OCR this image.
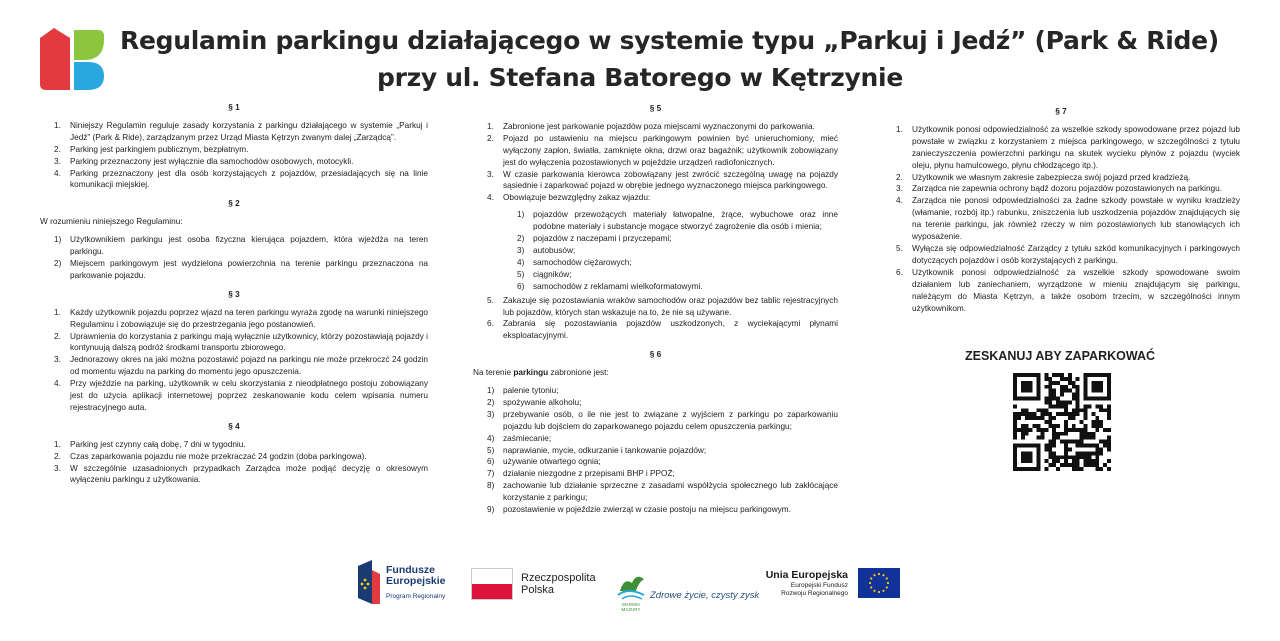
Regulamin parkingu działającego w systemie typu „Parkuj i Jedź” (Park & Ride)
przy ul. Stefana Batorego w Kętrzynie
§ 1
1. Niniejszy Regulamin reguluje zasady korzystania z parkingu działającego w systemie „Parkuj i Jedź” (Park & Ride), zarządzanym przez Urząd Miasta Kętrzyn zwanym dalej „Zarządcą”.
2. Parking jest parkingiem publicznym, bezpłatnym.
3. Parking przeznaczony jest wyłącznie dla samochodów osobowych, motocykli.
4. Parking przeznaczony jest dla osób korzystających z pojazdów, przesiadających się na linie komunikacji miejskiej.
§ 2
W rozumieniu niniejszego Regulaminu:
1) Użytkownikiem parkingu jest osoba fizyczna kierująca pojazdem, która wjeżdża na teren parkingu.
2) Miejscem parkingowym jest wydzielona powierzchnia na terenie parkingu przeznaczona na parkowanie pojazdu.
§ 3
1. Każdy użytkownik pojazdu poprzez wjazd na teren parkingu wyraża zgodę na warunki niniejszego Regulaminu i zobowiązuje się do przestrzegania jego postanowień.
2. Uprawnienia do korzystania z parkingu mają wyłącznie użytkownicy, którzy pozostawiają pojazdy i kontynuują dalszą podróż środkami transportu zbiorowego.
3. Jednorazowy okres na jaki można pozostawić pojazd na parkingu nie może przekroczć 24 godzin od momentu wjazdu na parking do momentu jego opuszczenia.
4. Przy wjeździe na parking, użytkownik w celu skorzystania z nieodpłatnego postoju zobowiązany jest do użycia aplikacji internetowej poprzez zeskanowanie kodu celem wpisania numeru rejestracyjnego auta.
§ 4
1. Parking jest czynny całą dobę, 7 dni w tygodniu.
2. Czas zaparkowania pojazdu nie może przekraczać 24 godzin (doba parkingowa).
3. W szczególnie uzasadnionych przypadkach Zarządca może podjąć decyzję o okresowym wyłączeniu parkingu z użytkowania.
§ 5
1. Zabronione jest parkowanie pojazdów poza miejscami wyznaczonymi do parkowania.
2. Pojazd po ustawieniu na miejscu parkingowym powinien być unieruchomiony, mieć wyłączony zapłon, światła, zamknięte okna, drzwi oraz bagażnik; użytkownik zobowiązany jest do wyłączenia pozostawionych w pojeździe urządzeń radiofonicznych.
3. W czasie parkowania kierowca zobowiązany jest zwrócić szczególną uwagę na pojazdy sąsiednie i zaparkować pojazd w obrębie jednego wyznaczonego miejsca parkingowego.
4. Obowiązuje bezwzględny zakaz wjazdu:
1) pojazdów przewożących materiały łatwopalne, żrące, wybuchowe oraz inne podobne materiały i substancje mogące stworzyć zagrożenie dla osób i mienia;
2) pojazdów z naczepami i przyczepami;
3) autobusów;
4) samochodów ciężarowych;
5) ciągników;
6) samochodów z reklamami wielkoformatowymi.
5. Zakazuje się pozostawiania wraków samochodów oraz pojazdów bez tablic rejestracyjnych lub pojazdów, których stan wskazuje na to, że nie są używane.
6. Zabrania się pozostawiania pojazdów uszkodzonych, z wyciekającymi płynami eksploatacyjnymi.
§ 6
Na terenie parkingu zabronione jest:
1) palenie tytoniu;
2) spożywanie alkoholu;
3) przebywanie osób, o ile nie jest to związane z wyjściem z parkingu po zaparkowaniu pojazdu lub dojściem do zaparkowanego pojazdu celem opuszczenia parkingu;
4) zaśmiecanie;
5) naprawianie, mycie, odkurzanie i tankowanie pojazdów;
6) używanie otwartego ognia;
7) działanie niezgodne z przepisami BHP i PPOŻ;
8) zachowanie lub działanie sprzeczne z zasadami współżycia społecznego lub zakłócające korzystanie z parkingu;
9) pozostawienie w pojeździe zwierząt w czasie postoju na miejscu parkingowym.
§ 7
1. Użytkownik ponosi odpowiedzialność za wszelkie szkody spowodowane przez pojazd lub powstałe w związku z korzystaniem z miejsca parkingowego, w szczególności z tytułu zanieczyszczenia powierzchni parkingu na skutek wycieku płynów z pojazdu (wyciek oleju, płynu hamulcowego, płynu chłodzącego itp.).
2. Użytkownik we własnym zakresie zabezpiecza swój pojazd przed kradzieżą.
3. Zarządca nie zapewnia ochrony bądź dozoru pojazdów pozostawionych na parkingu.
4. Zarządca nie ponosi odpowiedzialności za żadne szkody powstałe w wyniku kradzieży (włamanie, rozbój itp.) rabunku, zniszczenia lub uszkodzenia pojazdów znajdujących się na terenie parkingu, jak również rzeczy w nim pozostawionych lub stanowiących ich wyposażenie.
5. Wyłącza się odpowiedzialność Zarządcy z tytułu szkód komunikacyjnych i parkingowych dotyczących pojazdów i osób korzystających z parkingu.
6. Użytkownik ponosi odpowiedzialność za wszelkie szkody spowodowane swoim działaniem lub zaniechaniem, wyrządzone w mieniu znajdującym się parkingu, należącym do Miasta Kętrzyn, a także osobom trzecim, w szczególności innym użytkownikom.
ZESKANUJ ABY ZAPARKOWAĆ
Fundusze
Europejskie
Program Regionalny
Rzeczpospolita
Polska
WARMIA MAZURY
Zdrowe życie, czysty zysk
Unia Europejska
Europejski Fundusz
Rozwoju Regionalnego
